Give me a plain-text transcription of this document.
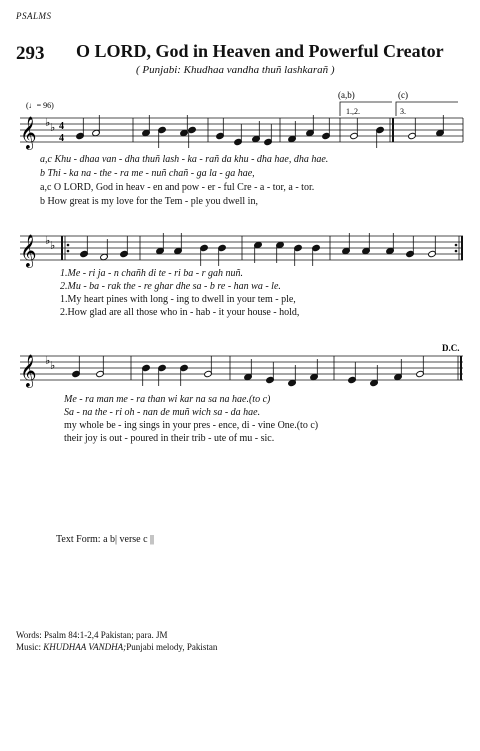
PSALMS
293 O LORD, God in Heaven and Powerful Creator
( Punjabi: Khudhaa vandha thuñ lashkarañ )
(♩= 96)
(a,b)	(c)
1.,2.	3.
𝄞 ♭ ♭ 4
4
a,c Khu - dhaa van - dha thuñ lash - ka - rañ da khu - dha hae, dha hae.
b Thi - ka na - the - ra me - nuñ chañ - ga la - ga hae,
a,c O LORD, God in heav - en and pow - er - ful Cre - a - tor, a - tor.
b How great is my love for the Tem - ple you dwell in,
𝄞 ♭ ♭
1.Me - ri ja - n chañh di te - ri ba - r gah nuñ.
2.Mu - ba - rak the - re ghar dhe sa - b re - han wa - le.
1.My heart pines with long - ing to dwell in your tem - ple,
2.How glad are all those who in - hab - it your house - hold,
D.C.
𝄞 ♭ ♭
Me - ra man me - ra than wi kar na sa na hae.(to c)
Sa - na the - ri oh - nan de muñ wich sa - da hae.
my whole be - ing sings in your pres - ence, di - vine One.(to c)
their joy is out - poured in their trib - ute of mu - sic.
Text Form: a b| verse c ||
Words: Psalm 84:1-2,4 Pakistan; para. JM
Music: KHUDHAA VANDHA;Punjabi melody, Pakistan
